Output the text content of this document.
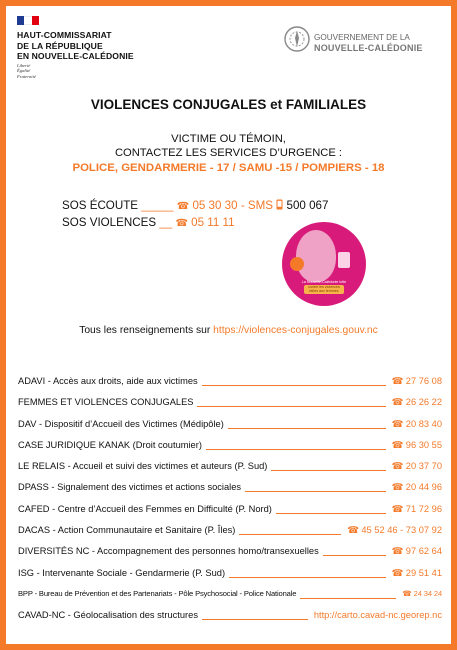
HAUT-COMMISSARIAT
DE LA RÉPUBLIQUE
EN NOUVELLE-CALÉDONIE
Liberté
Égalité
Fraternité
GOUVERNEMENT DE LA
NOUVELLE-CALÉDONIE
VIOLENCES CONJUGALES et FAMILIALES
VICTIME OU TÉMOIN,
CONTACTEZ LES SERVICES D’URGENCE :
POLICE, GENDARMERIE - 17 / SAMU -15 / POMPIERS - 18
SOS ÉCOUTE _____ ☎ 05 30 30 - SMS 500 067
SOS VIOLENCES __ ☎ 05 11 11
La Nouvelle-Calédonie lutte
contre les violences
faites aux femmes
Tous les renseignements sur https://violences-conjugales.gouv.nc
ADAVI - Accès aux droits, aide aux victimes	☎ 27 76 08
FEMMES ET VIOLENCES CONJUGALES	☎ 26 26 22
DAV - Dispositif d’Accueil des Victimes (Médipôle)	☎ 20 83 40
CASE JURIDIQUE KANAK (Droit coutumier)	☎ 96 30 55
LE RELAIS - Accueil et suivi des victimes et auteurs (P. Sud)	☎ 20 37 70
DPASS - Signalement des victimes et actions sociales	☎ 20 44 96
CAFED - Centre d’Accueil des Femmes en Difficulté (P. Nord)	☎ 71 72 96
DACAS - Action Communautaire et Sanitaire (P. Îles)	☎ 45 52 46 - 73 07 92
DIVERSITÉS NC - Accompagnement des personnes homo/transexuelles	☎ 97 62 64
ISG - Intervenante Sociale - Gendarmerie (P. Sud)	☎ 29 51 41
BPP - Bureau de Prévention et des Partenariats - Pôle Psychosocial - Police Nationale	☎ 24 34 24
CAVAD-NC - Géolocalisation des structures	http://carto.cavad-nc.georep.nc
